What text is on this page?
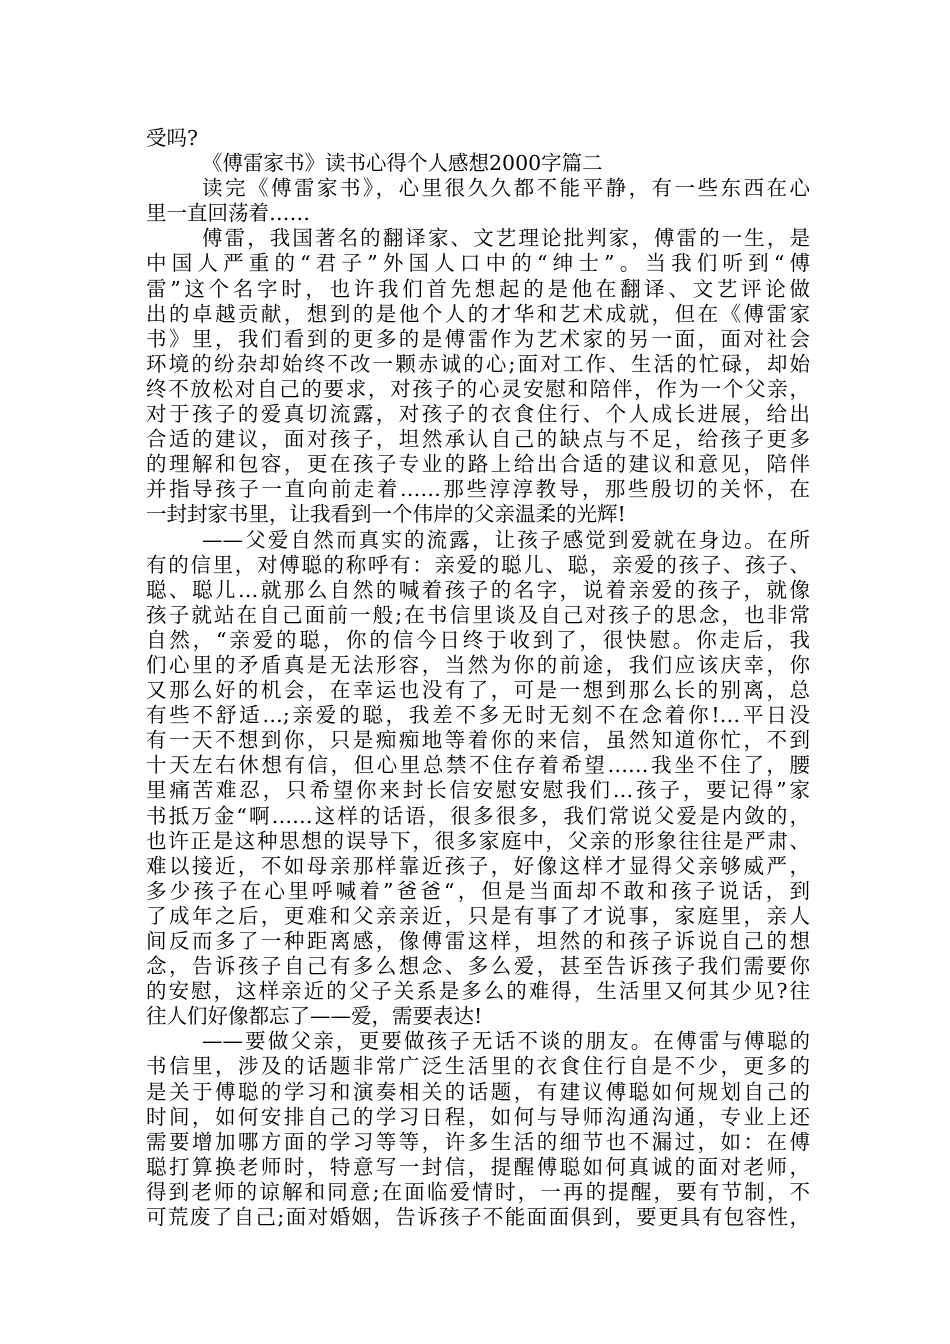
受吗?
《傅雷家书》读书心得个人感想2000字篇二
读完《傅雷家书》，心里很久久都不能平静，有一些东西在心
里一直回荡着……
傅雷，我国著名的翻译家、文艺理论批判家，傅雷的一生，是
中国人严重的“君子”外国人口中的“绅士”。当我们听到“傅
雷”这个名字时，也许我们首先想起的是他在翻译、文艺评论做
出的卓越贡献，想到的是他个人的才华和艺术成就，但在《傅雷家
书》里，我们看到的更多的是傅雷作为艺术家的另一面，面对社会
环境的纷杂却始终不改一颗赤诚的心;面对工作、生活的忙碌，却始
终不放松对自己的要求，对孩子的心灵安慰和陪伴，作为一个父亲，
对于孩子的爱真切流露，对孩子的衣食住行、个人成长进展，给出
合适的建议，面对孩子，坦然承认自己的缺点与不足，给孩子更多
的理解和包容，更在孩子专业的路上给出合适的建议和意见，陪伴
并指导孩子一直向前走着……那些淳淳教导，那些殷切的关怀，在
一封封家书里，让我看到一个伟岸的父亲温柔的光辉!
——父爱自然而真实的流露，让孩子感觉到爱就在身边。在所
有的信里，对傅聪的称呼有：亲爱的聪儿、聪，亲爱的孩子、孩子、
聪、聪儿…就那么自然的喊着孩子的名字，说着亲爱的孩子，就像
孩子就站在自己面前一般;在书信里谈及自己对孩子的思念，也非常
自然，“亲爱的聪，你的信今日终于收到了，很快慰。你走后，我
们心里的矛盾真是无法形容，当然为你的前途，我们应该庆幸，你
又那么好的机会，在幸运也没有了，可是一想到那么长的别离，总
有些不舒适…;亲爱的聪，我差不多无时无刻不在念着你!…平日没
有一天不想到你，只是痴痴地等着你的来信，虽然知道你忙，不到
十天左右休想有信，但心里总禁不住存着希望……我坐不住了，腰
里痛苦难忍，只希望你来封长信安慰安慰我们…孩子，要记得”家
书抵万金“啊……这样的话语，很多很多，我们常说父爱是内敛的，
也许正是这种思想的误导下，很多家庭中，父亲的形象往往是严肃、
难以接近，不如母亲那样靠近孩子，好像这样才显得父亲够威严，
多少孩子在心里呼喊着”爸爸“，但是当面却不敢和孩子说话，到
了成年之后，更难和父亲亲近，只是有事了才说事，家庭里，亲人
间反而多了一种距离感，像傅雷这样，坦然的和孩子诉说自己的想
念，告诉孩子自己有多么想念、多么爱，甚至告诉孩子我们需要你
的安慰，这样亲近的父子关系是多么的难得，生活里又何其少见?往
往人们好像都忘了——爱，需要表达!
——要做父亲，更要做孩子无话不谈的朋友。在傅雷与傅聪的
书信里，涉及的话题非常广泛生活里的衣食住行自是不少，更多的
是关于傅聪的学习和演奏相关的话题，有建议傅聪如何规划自己的
时间，如何安排自己的学习日程，如何与导师沟通沟通，专业上还
需要增加哪方面的学习等等，许多生活的细节也不漏过，如：在傅
聪打算换老师时，特意写一封信，提醒傅聪如何真诚的面对老师，
得到老师的谅解和同意;在面临爱情时，一再的提醒，要有节制，不
可荒废了自己;面对婚姻，告诉孩子不能面面俱到，要更具有包容性，
